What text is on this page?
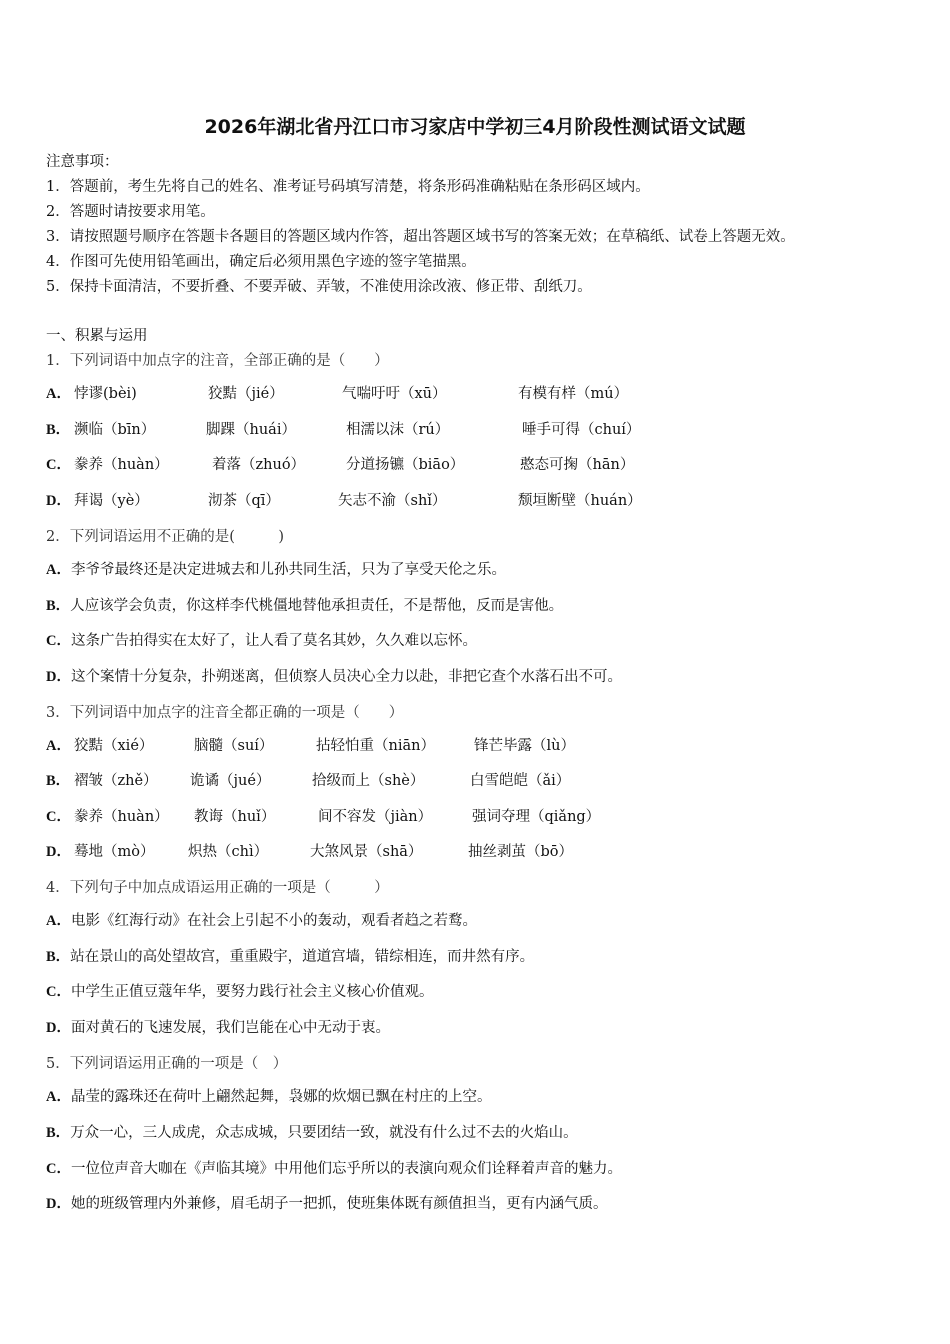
2026年湖北省丹江口市习家店中学初三4月阶段性测试语文试题
注意事项：
1．答题前，考生先将自己的姓名、准考证号码填写清楚，将条形码准确粘贴在条形码区域内。
2．答题时请按要求用笔。
3．请按照题号顺序在答题卡各题目的答题区域内作答，超出答题区域书写的答案无效；在草稿纸、试卷上答题无效。
4．作图可先使用铅笔画出，确定后必须用黑色字迹的签字笔描黑。
5．保持卡面清洁，不要折叠、不要弄破、弄皱，不准使用涂改液、修正带、刮纸刀。
一、积累与运用
1．下列词语中加点字的注音，全部正确的是（　　）
A． 悖谬(bèi)	狡黠（jié）	气喘吁吁（xū）	有模有样（mú）
B． 濒临（bīn）	脚踝（huái）	相濡以沫（rú）	唾手可得（chuí）
C． 豢养（huàn）	着落（zhuó）	分道扬镳（biāo）	憨态可掬（hān）
D． 拜谒（yè）	沏茶（qī）	矢志不渝（shǐ）	颓垣断壁（huán）
2．下列词语运用不正确的是(　　　)
A．李爷爷最终还是决定进城去和儿孙共同生活，只为了享受天伦之乐。
B．人应该学会负责，你这样李代桃僵地替他承担责任，不是帮他，反而是害他。
C．这条广告拍得实在太好了，让人看了莫名其妙，久久难以忘怀。
D．这个案情十分复杂，扑朔迷离，但侦察人员决心全力以赴，非把它查个水落石出不可。
3．下列词语中加点字的注音全都正确的一项是（　　）
A． 狡黠（xié）	脑髓（suí）	拈轻怕重（niān）	锋芒毕露（lù）
B． 褶皱（zhě） 诡谲（jué）	拾级而上（shè）	白雪皑皑（ǎi）
C． 豢养（huàn） 教诲（huǐ）	间不容发（jiàn）	强词夺理（qiǎng）
D． 蓦地（mò） 炽热（chì）	大煞风景（shā）	抽丝剥茧（bō）
4．下列句子中加点成语运用正确的一项是（　　　）
A．电影《红海行动》在社会上引起不小的轰动，观看者趋之若鹜。
B．站在景山的高处望故宫，重重殿宇，道道宫墙，错综相连，而井然有序。
C．中学生正值豆蔻年华，要努力践行社会主义核心价值观。
D．面对黄石的飞速发展，我们岂能在心中无动于衷。
5．下列词语运用正确的一项是（　）
A．晶莹的露珠还在荷叶上翩然起舞，袅娜的炊烟已飘在村庄的上空。
B．万众一心，三人成虎，众志成城，只要团结一致，就没有什么过不去的火焰山。
C．一位位声音大咖在《声临其境》中用他们忘乎所以的表演向观众们诠释着声音的魅力。
D．她的班级管理内外兼修，眉毛胡子一把抓，使班集体既有颜值担当，更有内涵气质。
